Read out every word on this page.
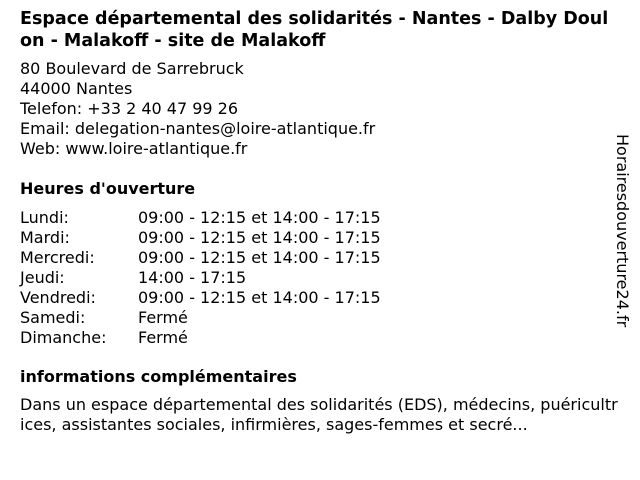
Espace départemental des solidarités - Nantes - Dalby Doulon - Malakoff - site de Malakoff
80 Boulevard de Sarrebruck
44000 Nantes
Telefon: +33 2 40 47 99 26
Email: delegation-nantes@loire-atlantique.fr
Web: www.loire-atlantique.fr
Heures d'ouverture
Lundi:	09:00 - 12:15 et 14:00 - 17:15
Mardi:	09:00 - 12:15 et 14:00 - 17:15
Mercredi:	09:00 - 12:15 et 14:00 - 17:15
Jeudi:	14:00 - 17:15
Vendredi:	09:00 - 12:15 et 14:00 - 17:15
Samedi:	Fermé
Dimanche:	Fermé
informations complémentaires
Dans un espace départemental des solidarités (EDS), médecins, puéricultrices, assistantes sociales, infirmières, sages-femmes et secré...
Horairesdouverture24.fr
